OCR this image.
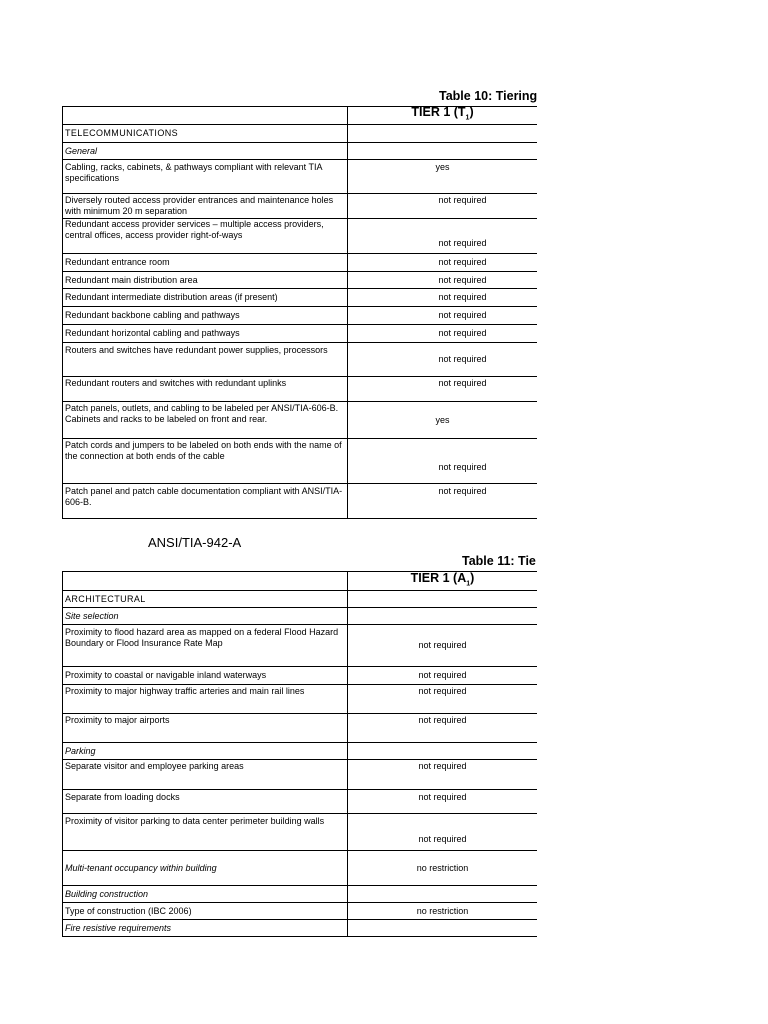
Table 10: Tiering
	TIER 1 $(T_1)$
TELECOMMUNICATIONS	
General	
Cabling, racks, cabinets, & pathways compliant with relevant TIA specifications	yes
Diversely routed access provider entrances and maintenance holes with minimum 20 m separation	not required
Redundant access provider services – multiple access providers, central offices, access provider right-of-ways	not required
Redundant entrance room	not required
Redundant main distribution area	not required
Redundant intermediate distribution areas (if present)	not required
Redundant backbone cabling and pathways	not required
Redundant horizontal cabling and pathways	not required
Routers and switches have redundant power supplies, processors	not required
Redundant routers and switches with redundant uplinks	not required
Patch panels, outlets, and cabling to be labeled per ANSI/TIA-606-B. Cabinets and racks to be labeled on front and rear.	yes
Patch cords and jumpers to be labeled on both ends with the name of the connection at both ends of the cable	not required
Patch panel and patch cable documentation compliant with ANSI/TIA-606-B.	not required
ANSI/TIA-942-A
Table 11: Tie
	TIER 1 $(A_1)$
ARCHITECTURAL	
Site selection	
Proximity to flood hazard area as mapped on a federal Flood Hazard Boundary or Flood Insurance Rate Map	not required
Proximity to coastal or navigable inland waterways	not required
Proximity to major highway traffic arteries and main rail lines	not required
Proximity to major airports	not required
Parking	
Separate visitor and employee parking areas	not required
Separate from loading docks	not required
Proximity of visitor parking to data center perimeter building walls	not required
Multi-tenant occupancy within building	no restriction
Building construction	
Type of construction (IBC 2006)	no restriction
Fire resistive requirements	
